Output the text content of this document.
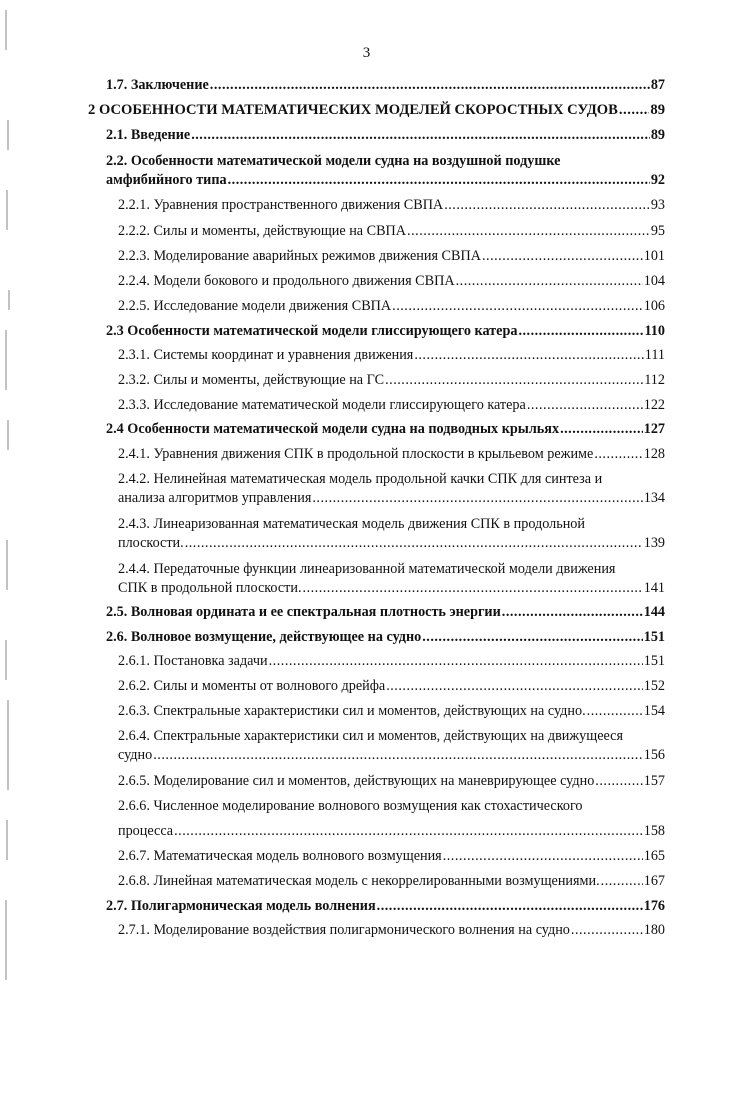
3
1.7. Заключение .....	87
2 ОСОБЕННОСТИ МАТЕМАТИЧЕСКИХ МОДЕЛЕЙ СКОРОСТНЫХ СУДОВ ..... 89
2.1. Введение .....	89
2.2. Особенности математической модели судна на воздушной подушке
амфибийного типа .....	92
2.2.1. Уравнения пространственного движения СВПА .....	93
2.2.2. Силы и моменты, действующие на СВПА .....	95
2.2.3. Моделирование аварийных режимов движения СВПА .....	101
2.2.4. Модели бокового и продольного движения СВПА .....	104
2.2.5. Исследование модели движения СВПА .....	106
2.3 Особенности математической модели глиссирующего катера .....	110
2.3.1. Системы координат и уравнения движения .....	111
2.3.2. Силы и моменты, действующие на ГС .....	112
2.3.3. Исследование математической модели глиссирующего катера .....	122
2.4 Особенности математической модели судна на подводных крыльях .....	127
2.4.1. Уравнения движения СПК в продольной плоскости в крыльевом режиме .....	128
2.4.2. Нелинейная математическая модель продольной качки СПК для синтеза и
анализа алгоритмов управления .....	134
2.4.3. Линеаризованная математическая модель движения СПК в продольной
плоскости. .....	139
2.4.4. Передаточные функции линеаризованной математической модели движения
СПК в продольной плоскости. .....	141
2.5. Волновая ордината и ее спектральная плотность энергии .....	144
2.6. Волновое возмущение, действующее на судно .....	151
2.6.1. Постановка задачи .....	151
2.6.2. Силы и моменты от волнового дрейфа .....	152
2.6.3. Спектральные характеристики сил и моментов, действующих на судно. .....	154
2.6.4. Спектральные характеристики сил и моментов, действующих на движущееся
судно .....	156
2.6.5. Моделирование сил и моментов, действующих на маневрирующее судно .....	157
2.6.6. Численное моделирование волнового возмущения как стохастического
процесса .....	158
2.6.7. Математическая модель волнового возмущения .....	165
2.6.8. Линейная математическая модель с некоррелированными возмущениями. .....	167
2.7. Полигармоническая модель волнения .....	176
2.7.1. Моделирование воздействия полигармонического волнения на судно .....	180
